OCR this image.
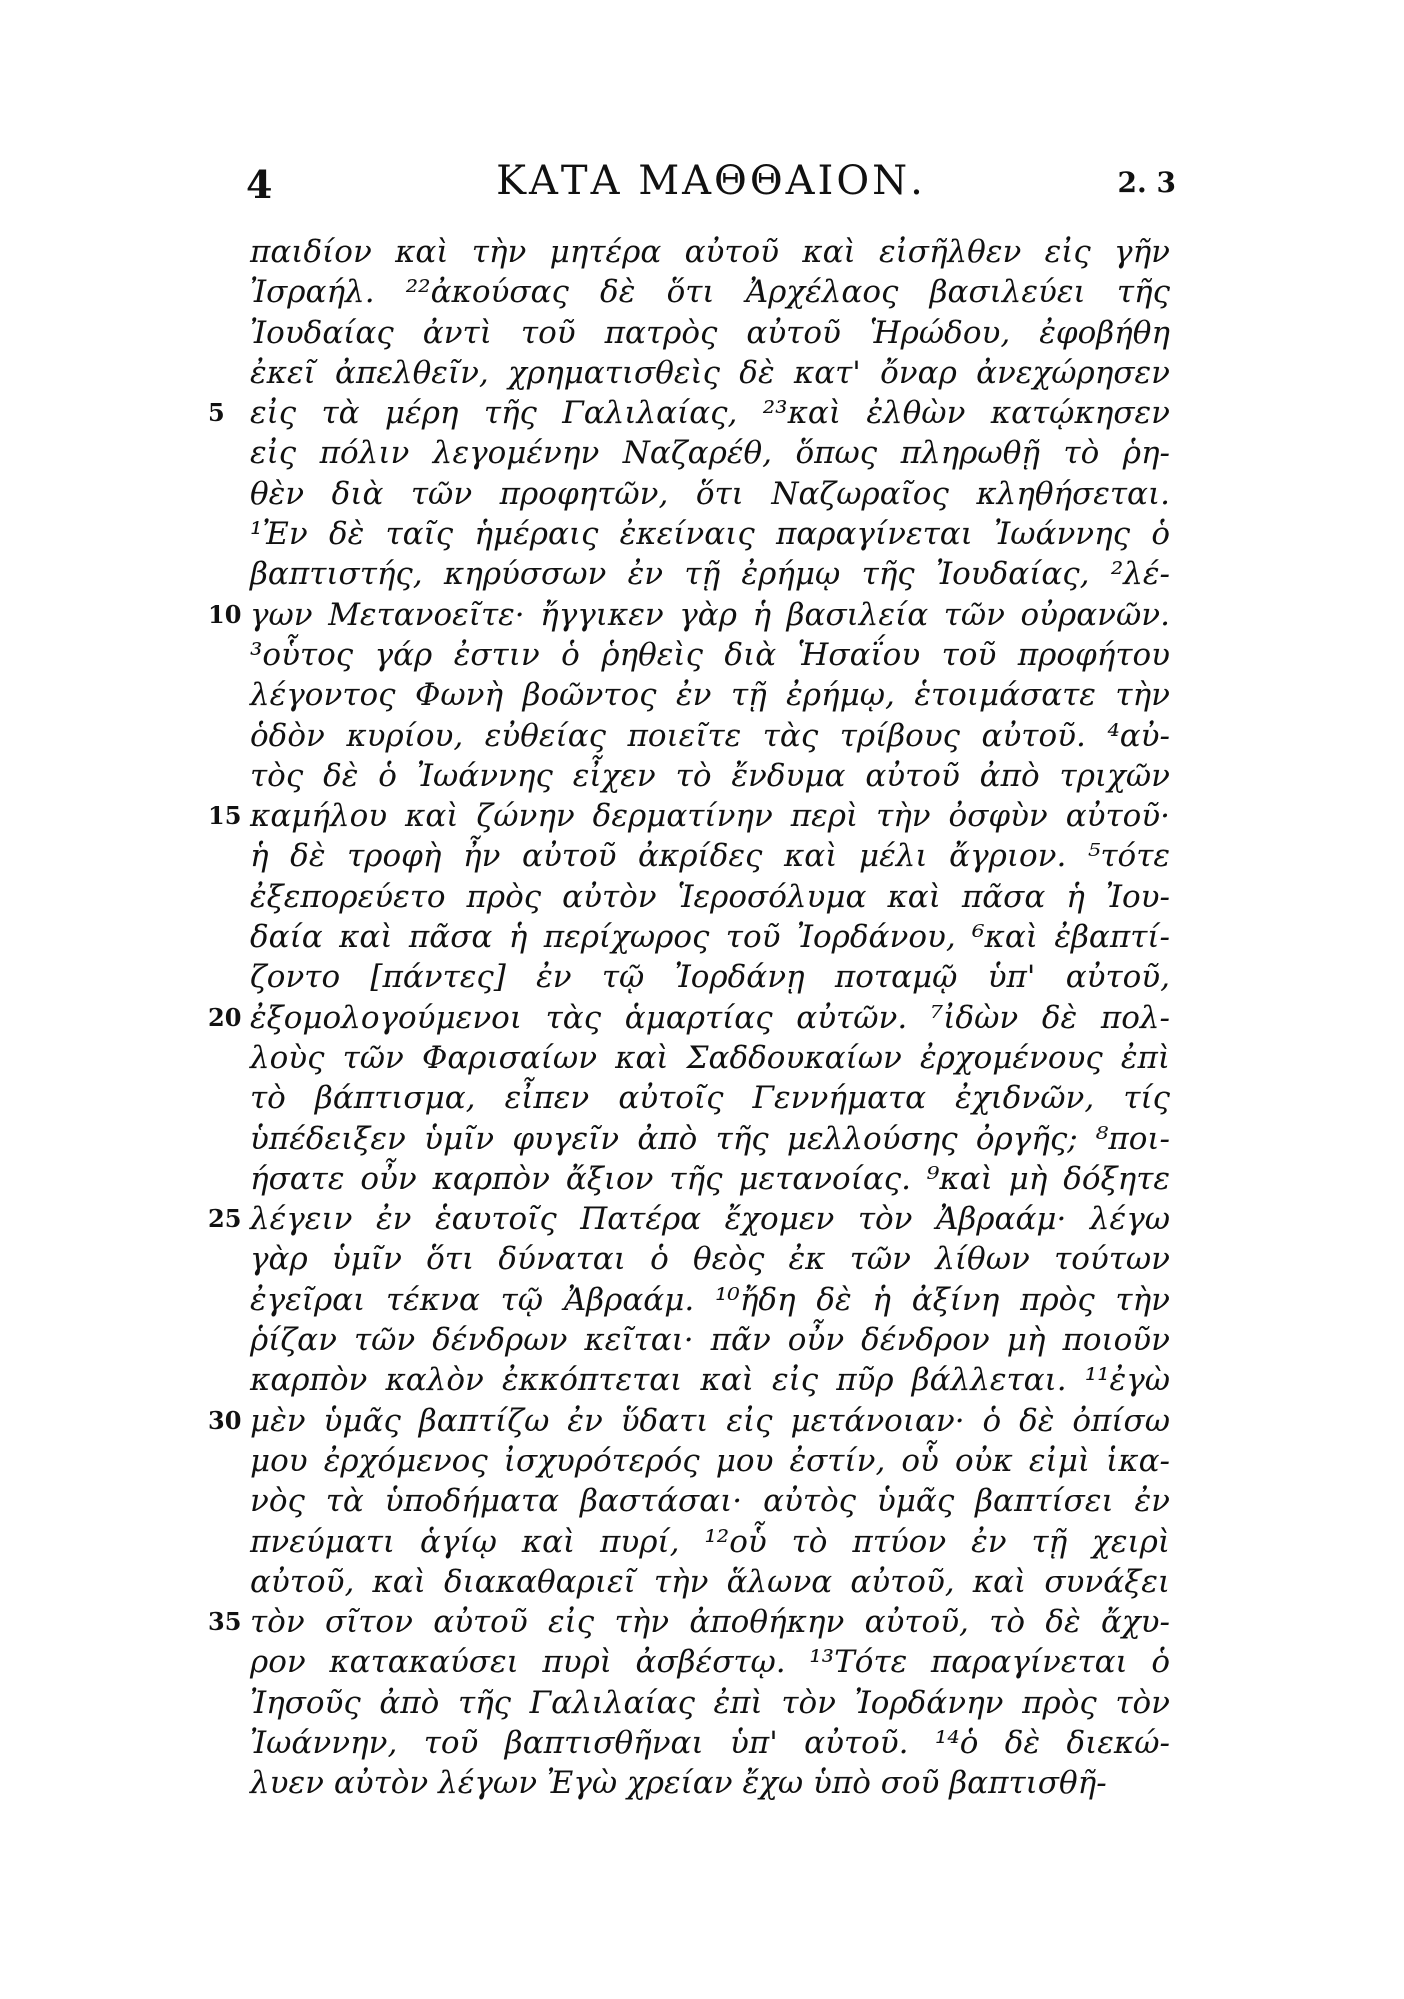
4	ΚΑΤΑ ΜΑΘΘΑΙΟΝ.	2. 3
παιδίον καὶ τὴν μητέρα αὐτοῦ καὶ εἰσῆλθεν εἰς γῆν
Ἰσραήλ. ²²ἀκούσας δὲ ὅτι Ἀρχέλαος βασιλεύει τῆς
Ἰουδαίας ἀντὶ τοῦ πατρὸς αὐτοῦ Ἡρώδου, ἐφοβήθη
ἐκεῖ ἀπελθεῖν, χρηματισθεὶς δὲ κατ' ὄναρ ἀνεχώρησεν
5 εἰς τὰ μέρη τῆς Γαλιλαίας, ²³καὶ ἐλθὼν κατῴκησεν
εἰς πόλιν λεγομένην Ναζαρέθ, ὅπως πληρωθῇ τὸ ῥη-
θὲν διὰ τῶν προφητῶν, ὅτι Ναζωραῖος κληθήσεται.
¹Ἐν δὲ ταῖς ἡμέραις ἐκείναις παραγίνεται Ἰωάννης ὁ
βαπτιστής, κηρύσσων ἐν τῇ ἐρήμῳ τῆς Ἰουδαίας, ²λέ-
10 γων Μετανοεῖτε· ἤγγικεν γὰρ ἡ βασιλεία τῶν οὐρανῶν.
³οὗτος γάρ ἐστιν ὁ ῥηθεὶς διὰ Ἡσαΐου τοῦ προφήτου
λέγοντος Φωνὴ βοῶντος ἐν τῇ ἐρήμῳ, ἑτοιμάσατε τὴν
ὁδὸν κυρίου, εὐθείας ποιεῖτε τὰς τρίβους αὐτοῦ. ⁴αὐ-
τὸς δὲ ὁ Ἰωάννης εἶχεν τὸ ἔνδυμα αὐτοῦ ἀπὸ τριχῶν
15 καμήλου καὶ ζώνην δερματίνην περὶ τὴν ὀσφὺν αὐτοῦ·
ἡ δὲ τροφὴ ἦν αὐτοῦ ἀκρίδες καὶ μέλι ἄγριον. ⁵τότε
ἐξεπορεύετο πρὸς αὐτὸν Ἱεροσόλυμα καὶ πᾶσα ἡ Ἰου-
δαία καὶ πᾶσα ἡ περίχωρος τοῦ Ἰορδάνου, ⁶καὶ ἐβαπτί-
ζοντο [πάντες] ἐν τῷ Ἰορδάνῃ ποταμῷ ὑπ' αὐτοῦ,
20 ἐξομολογούμενοι τὰς ἁμαρτίας αὐτῶν. ⁷ἰδὼν δὲ πολ-
λοὺς τῶν Φαρισαίων καὶ Σαδδουκαίων ἐρχομένους ἐπὶ
τὸ βάπτισμα, εἶπεν αὐτοῖς Γεννήματα ἐχιδνῶν, τίς
ὑπέδειξεν ὑμῖν φυγεῖν ἀπὸ τῆς μελλούσης ὀργῆς; ⁸ποι-
ήσατε οὖν καρπὸν ἄξιον τῆς μετανοίας. ⁹καὶ μὴ δόξητε
25 λέγειν ἐν ἑαυτοῖς Πατέρα ἔχομεν τὸν Ἀβραάμ· λέγω
γὰρ ὑμῖν ὅτι δύναται ὁ θεὸς ἐκ τῶν λίθων τούτων
ἐγεῖραι τέκνα τῷ Ἀβραάμ. ¹⁰ἤδη δὲ ἡ ἀξίνη πρὸς τὴν
ῥίζαν τῶν δένδρων κεῖται· πᾶν οὖν δένδρον μὴ ποιοῦν
καρπὸν καλὸν ἐκκόπτεται καὶ εἰς πῦρ βάλλεται. ¹¹ἐγὼ
30 μὲν ὑμᾶς βαπτίζω ἐν ὕδατι εἰς μετάνοιαν· ὁ δὲ ὀπίσω
μου ἐρχόμενος ἰσχυρότερός μου ἐστίν, οὗ οὐκ εἰμὶ ἱκα-
νὸς τὰ ὑποδήματα βαστάσαι· αὐτὸς ὑμᾶς βαπτίσει ἐν
πνεύματι ἁγίῳ καὶ πυρί, ¹²οὗ τὸ πτύον ἐν τῇ χειρὶ
αὐτοῦ, καὶ διακαθαριεῖ τὴν ἅλωνα αὐτοῦ, καὶ συνάξει
35 τὸν σῖτον αὐτοῦ εἰς τὴν ἀποθήκην αὐτοῦ, τὸ δὲ ἄχυ-
ρον κατακαύσει πυρὶ ἀσβέστῳ. ¹³Τότε παραγίνεται ὁ
Ἰησοῦς ἀπὸ τῆς Γαλιλαίας ἐπὶ τὸν Ἰορδάνην πρὸς τὸν
Ἰωάννην, τοῦ βαπτισθῆναι ὑπ' αὐτοῦ. ¹⁴ὁ δὲ διεκώ-
λυεν αὐτὸν λέγων Ἐγὼ χρείαν ἔχω ὑπὸ σοῦ βαπτισθῆ-
